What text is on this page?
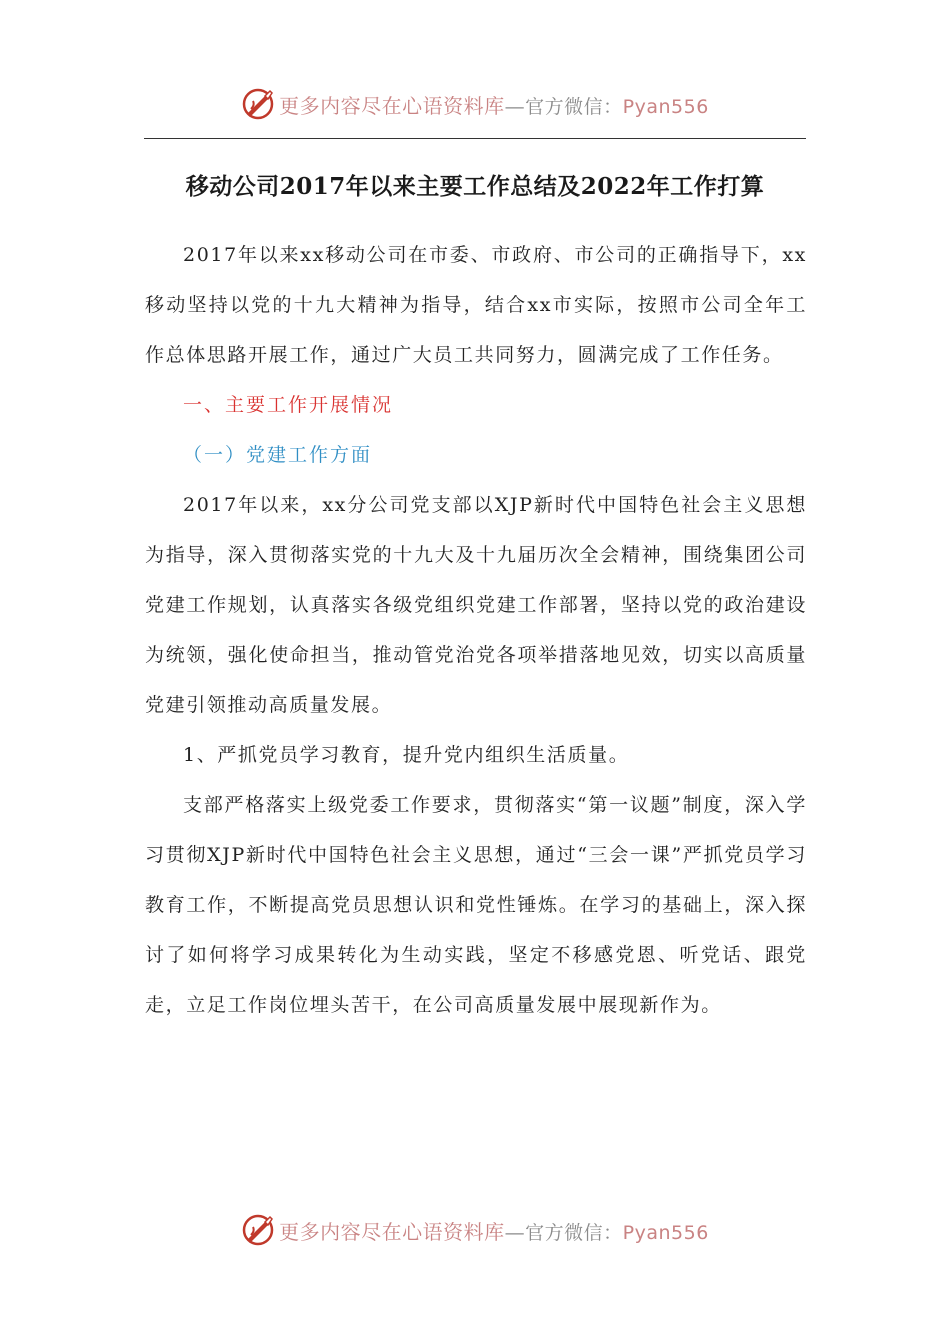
更多内容尽在心语资料库—官方微信：Pyan556
移动公司2017年以来主要工作总结及2022年工作打算

2017年以来xx移动公司在市委、市政府、市公司的正确指导下，xx移动坚持以党的十九大精神为指导，结合xx市实际，按照市公司全年工作总体思路开展工作，通过广大员工共同努力，圆满完成了工作任务。

一、主要工作开展情况

（一）党建工作方面

2017年以来，xx分公司党支部以XJP新时代中国特色社会主义思想为指导，深入贯彻落实党的十九大及十九届历次全会精神，围绕集团公司党建工作规划，认真落实各级党组织党建工作部署，坚持以党的政治建设为统领，强化使命担当，推动管党治党各项举措落地见效，切实以高质量党建引领推动高质量发展。

1、严抓党员学习教育，提升党内组织生活质量。

支部严格落实上级党委工作要求，贯彻落实“第一议题”制度，深入学习贯彻XJP新时代中国特色社会主义思想，通过“三会一课”严抓党员学习教育工作，不断提高党员思想认识和党性锤炼。在学习的基础上，深入探讨了如何将学习成果转化为生动实践，坚定不移感党恩、听党话、跟党走，立足工作岗位埋头苦干，在公司高质量发展中展现新作为。

更多内容尽在心语资料库—官方微信：Pyan556
